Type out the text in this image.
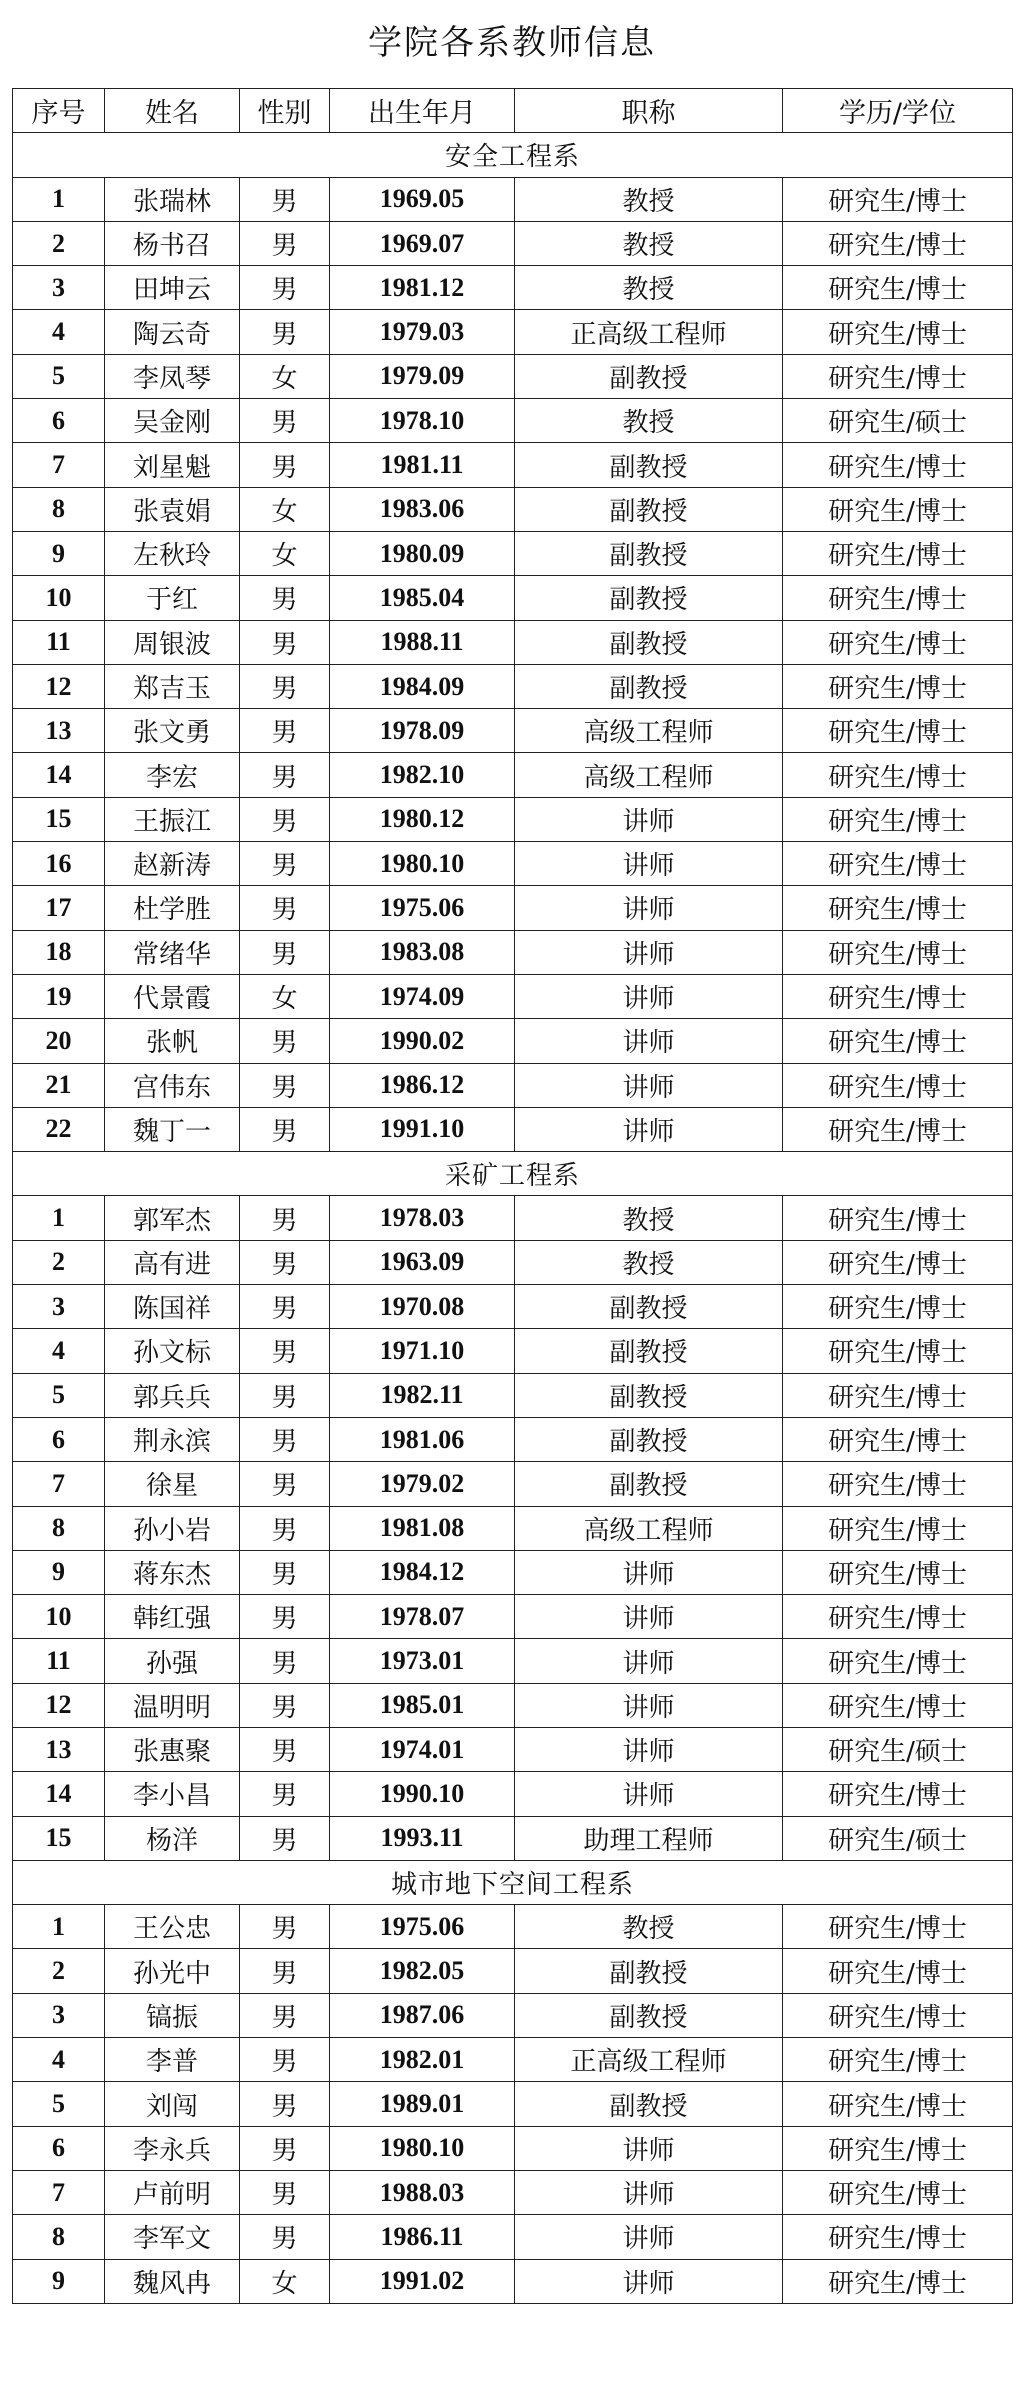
学院各系教师信息
序号	姓名	性别	出生年月	职称	学历/学位
安全工程系					
1	张瑞林	男	1969.05	教授	研究生/博士
2	杨书召	男	1969.07	教授	研究生/博士
3	田坤云	男	1981.12	教授	研究生/博士
4	陶云奇	男	1979.03	正高级工程师	研究生/博士
5	李凤琴	女	1979.09	副教授	研究生/博士
6	吴金刚	男	1978.10	教授	研究生/硕士
7	刘星魁	男	1981.11	副教授	研究生/博士
8	张袁娟	女	1983.06	副教授	研究生/博士
9	左秋玲	女	1980.09	副教授	研究生/博士
10	于红	男	1985.04	副教授	研究生/博士
11	周银波	男	1988.11	副教授	研究生/博士
12	郑吉玉	男	1984.09	副教授	研究生/博士
13	张文勇	男	1978.09	高级工程师	研究生/博士
14	李宏	男	1982.10	高级工程师	研究生/博士
15	王振江	男	1980.12	讲师	研究生/博士
16	赵新涛	男	1980.10	讲师	研究生/博士
17	杜学胜	男	1975.06	讲师	研究生/博士
18	常绪华	男	1983.08	讲师	研究生/博士
19	代景霞	女	1974.09	讲师	研究生/博士
20	张帆	男	1990.02	讲师	研究生/博士
21	宫伟东	男	1986.12	讲师	研究生/博士
22	魏丁一	男	1991.10	讲师	研究生/博士
采矿工程系					
1	郭军杰	男	1978.03	教授	研究生/博士
2	高有进	男	1963.09	教授	研究生/博士
3	陈国祥	男	1970.08	副教授	研究生/博士
4	孙文标	男	1971.10	副教授	研究生/博士
5	郭兵兵	男	1982.11	副教授	研究生/博士
6	荆永滨	男	1981.06	副教授	研究生/博士
7	徐星	男	1979.02	副教授	研究生/博士
8	孙小岩	男	1981.08	高级工程师	研究生/博士
9	蒋东杰	男	1984.12	讲师	研究生/博士
10	韩红强	男	1978.07	讲师	研究生/博士
11	孙强	男	1973.01	讲师	研究生/博士
12	温明明	男	1985.01	讲师	研究生/博士
13	张惠聚	男	1974.01	讲师	研究生/硕士
14	李小昌	男	1990.10	讲师	研究生/博士
15	杨洋	男	1993.11	助理工程师	研究生/硕士
城市地下空间工程系					
1	王公忠	男	1975.06	教授	研究生/博士
2	孙光中	男	1982.05	副教授	研究生/博士
3	镐振	男	1987.06	副教授	研究生/博士
4	李普	男	1982.01	正高级工程师	研究生/博士
5	刘闯	男	1989.01	副教授	研究生/博士
6	李永兵	男	1980.10	讲师	研究生/博士
7	卢前明	男	1988.03	讲师	研究生/博士
8	李军文	男	1986.11	讲师	研究生/博士
9	魏风冉	女	1991.02	讲师	研究生/博士
